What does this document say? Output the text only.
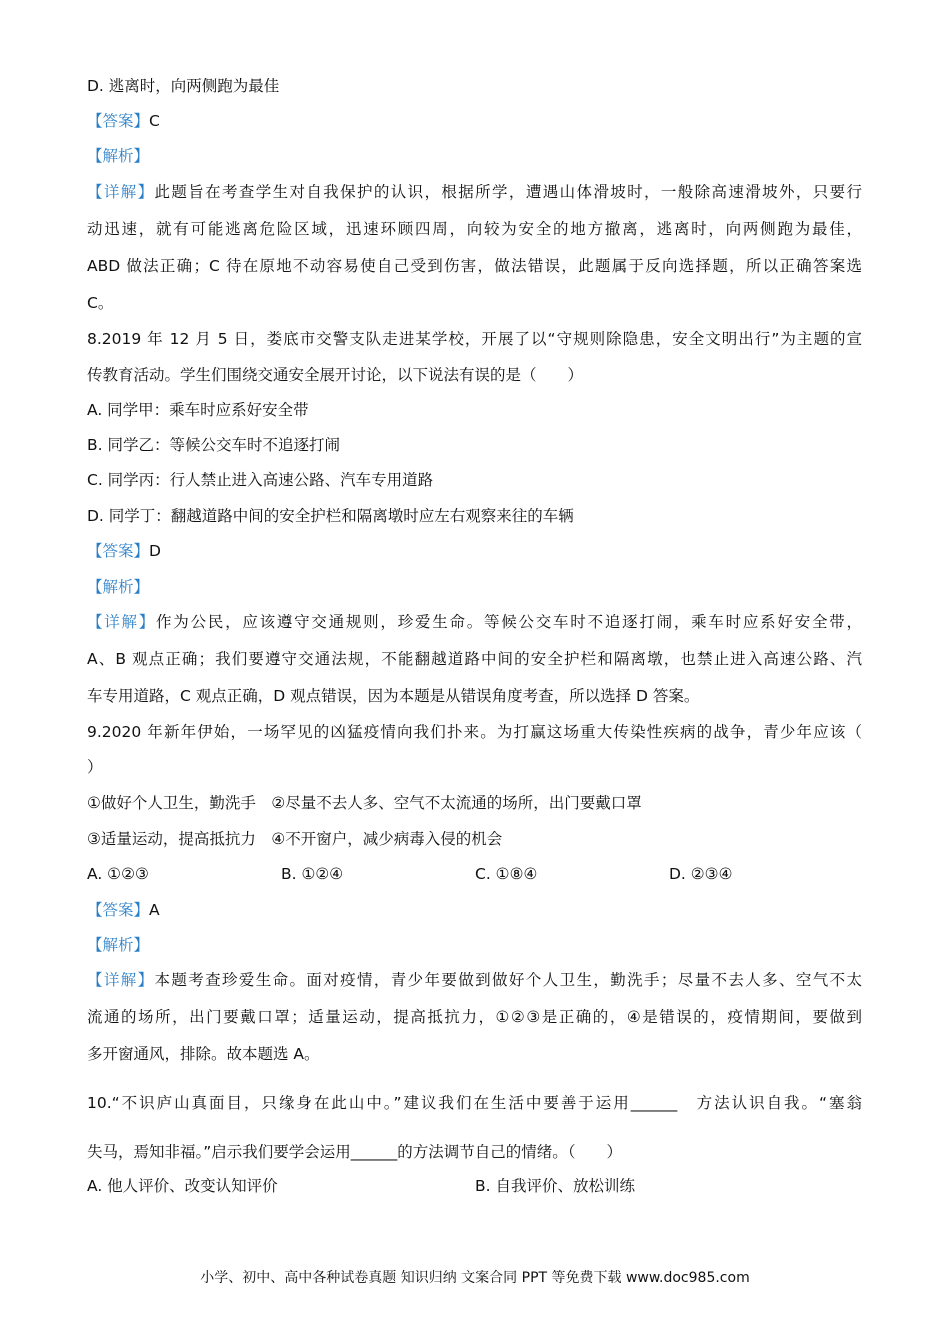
D. 逃离时，向两侧跑为最佳
【答案】C
【解析】
【详解】此题旨在考查学生对自我保护的认识，根据所学，遭遇山体滑坡时，一般除高速滑坡外，只要行
动迅速，就有可能逃离危险区域，迅速环顾四周，向较为安全的地方撤离，逃离时，向两侧跑为最佳，
ABD 做法正确；C 待在原地不动容易使自己受到伤害，做法错误，此题属于反向选择题，所以正确答案选
C。
8.2019 年 12 月 5 日，娄底市交警支队走进某学校，开展了以“守规则除隐患，安全文明出行”为主题的宣
传教育活动。学生们围绕交通安全展开讨论，以下说法有误的是（　　）
A. 同学甲：乘车时应系好安全带
B. 同学乙：等候公交车时不追逐打闹
C. 同学丙：行人禁止进入高速公路、汽车专用道路
D. 同学丁：翻越道路中间的安全护栏和隔离墩时应左右观察来往的车辆
【答案】D
【解析】
【详解】作为公民，应该遵守交通规则，珍爱生命。等候公交车时不追逐打闹，乘车时应系好安全带，
A、B 观点正确；我们要遵守交通法规，不能翻越道路中间的安全护栏和隔离墩，也禁止进入高速公路、汽
车专用道路，C 观点正确，D 观点错误，因为本题是从错误角度考查，所以选择 D 答案。
9.2020 年新年伊始，一场罕见的凶猛疫情向我们扑来。为打赢这场重大传染性疾病的战争，青少年应该（
）
①做好个人卫生，勤洗手　②尽量不去人多、空气不太流通的场所，出门要戴口罩
③适量运动，提高抵抗力　④不开窗户，减少病毒入侵的机会
A. ①②③	B. ①②④	C. ①⑧④	D. ②③④
【答案】A
【解析】
【详解】本题考查珍爱生命。面对疫情，青少年要做到做好个人卫生，勤洗手；尽量不去人多、空气不太
流通的场所，出门要戴口罩；适量运动，提高抵抗力，①②③是正确的，④是错误的，疫情期间，要做到
多开窗通风，排除。故本题选 A。
10.“不识庐山真面目，只缘身在此山中。”建议我们在生活中要善于运用______　方法认识自我。“塞翁
失马，焉知非福。”启示我们要学会运用______的方法调节自己的情绪。（　　）
A. 他人评价、改变认知评价	B. 自我评价、放松训练
小学、初中、高中各种试卷真题 知识归纳 文案合同 PPT 等免费下载 www.doc985.com
